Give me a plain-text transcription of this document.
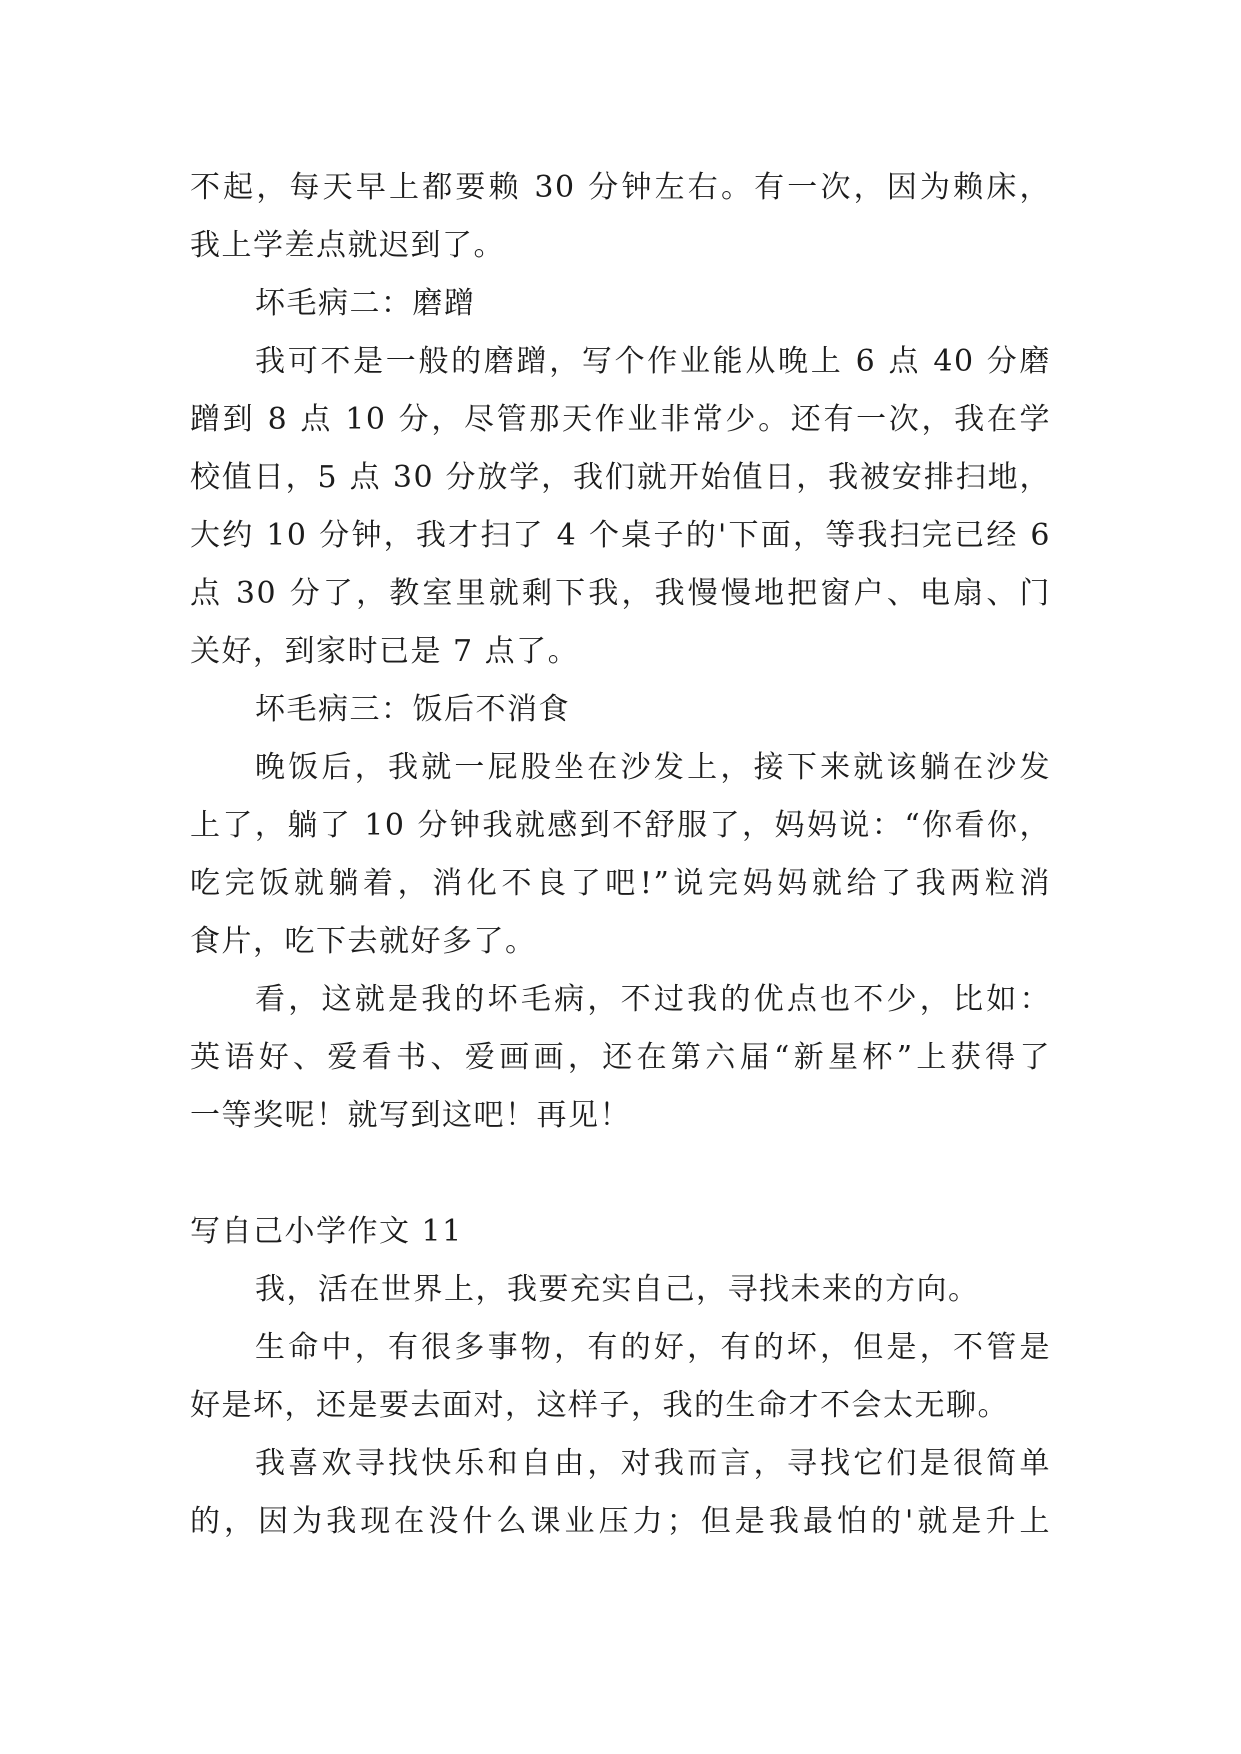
不起，每天早上都要赖 30 分钟左右。有一次，因为赖床，
我上学差点就迟到了。
坏毛病二：磨蹭
我可不是一般的磨蹭，写个作业能从晚上 6 点 40 分磨
蹭到 8 点 10 分，尽管那天作业非常少。还有一次，我在学
校值日，5 点 30 分放学，我们就开始值日，我被安排扫地，
大约 10 分钟，我才扫了 4 个桌子的'下面，等我扫完已经 6
点 30 分了，教室里就剩下我，我慢慢地把窗户、电扇、门
关好，到家时已是 7 点了。
坏毛病三：饭后不消食
晚饭后，我就一屁股坐在沙发上，接下来就该躺在沙发
上了，躺了 10 分钟我就感到不舒服了，妈妈说：“你看你，
吃完饭就躺着，消化不良了吧!”说完妈妈就给了我两粒消
食片，吃下去就好多了。
看，这就是我的坏毛病，不过我的优点也不少，比如：
英语好、爱看书、爱画画，还在第六届“新星杯”上获得了
一等奖呢！就写到这吧！再见！
写自己小学作文 11
我，活在世界上，我要充实自己，寻找未来的方向。
生命中，有很多事物，有的好，有的坏，但是，不管是
好是坏，还是要去面对，这样子，我的生命才不会太无聊。
我喜欢寻找快乐和自由，对我而言，寻找它们是很简单
的，因为我现在没什么课业压力；但是我最怕的'就是升上
